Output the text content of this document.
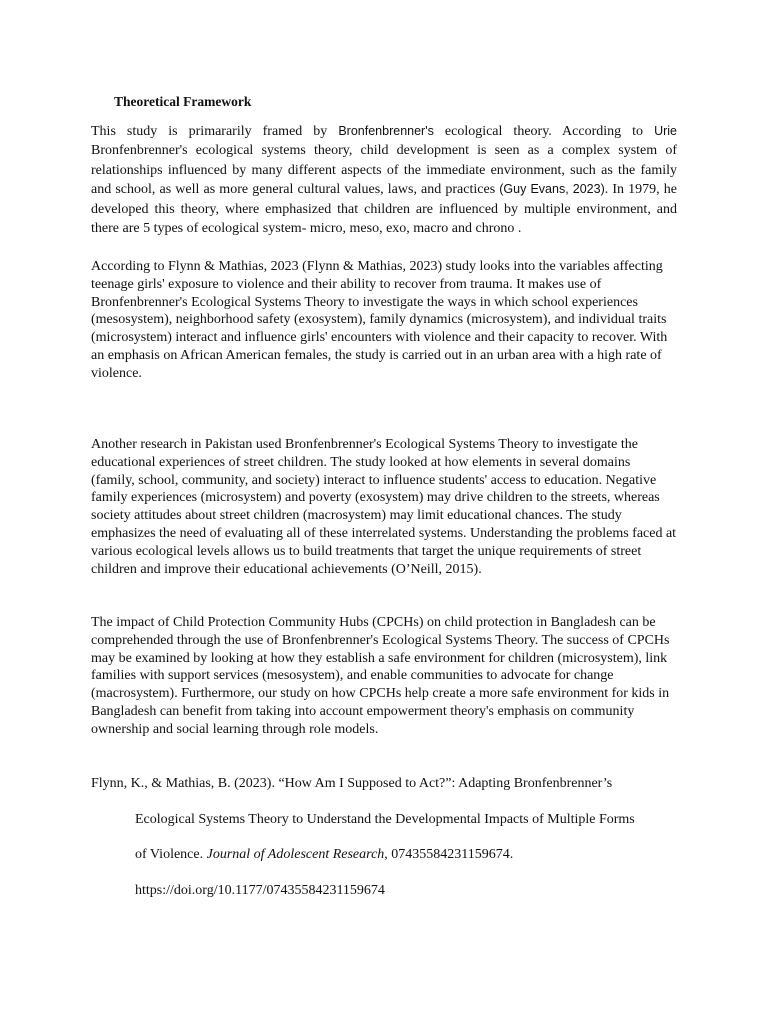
Theoretical Framework

This study is primararily framed by Bronfenbrenner's ecological theory. According to Urie Bronfenbrenner's ecological systems theory, child development is seen as a complex system of relationships influenced by many different aspects of the immediate environment, such as the family and school, as well as more general cultural values, laws, and practices (Guy Evans, 2023). In 1979, he developed this theory, where emphasized that children are influenced by multiple environment, and there are 5 types of ecological system- micro, meso, exo, macro and chrono .

According to Flynn & Mathias, 2023 (Flynn & Mathias, 2023) study looks into the variables affecting teenage girls' exposure to violence and their ability to recover from trauma. It makes use of Bronfenbrenner's Ecological Systems Theory to investigate the ways in which school experiences (mesosystem), neighborhood safety (exosystem), family dynamics (microsystem), and individual traits (microsystem) interact and influence girls' encounters with violence and their capacity to recover. With an emphasis on African American females, the study is carried out in an urban area with a high rate of violence.

Another research in Pakistan used Bronfenbrenner's Ecological Systems Theory to investigate the educational experiences of street children. The study looked at how elements in several domains (family, school, community, and society) interact to influence students' access to education. Negative family experiences (microsystem) and poverty (exosystem) may drive children to the streets, whereas society attitudes about street children (macrosystem) may limit educational chances. The study emphasizes the need of evaluating all of these interrelated systems. Understanding the problems faced at various ecological levels allows us to build treatments that target the unique requirements of street children and improve their educational achievements (O’Neill, 2015).

The impact of Child Protection Community Hubs (CPCHs) on child protection in Bangladesh can be comprehended through the use of Bronfenbrenner's Ecological Systems Theory. The success of CPCHs may be examined by looking at how they establish a safe environment for children (microsystem), link families with support services (mesosystem), and enable communities to advocate for change (macrosystem). Furthermore, our study on how CPCHs help create a more safe environment for kids in Bangladesh can benefit from taking into account empowerment theory's emphasis on community ownership and social learning through role models.

Flynn, K., & Mathias, B. (2023). “How Am I Supposed to Act?”: Adapting Bronfenbrenner’s
Ecological Systems Theory to Understand the Developmental Impacts of Multiple Forms
of Violence. Journal of Adolescent Research, 07435584231159674.
https://doi.org/10.1177/07435584231159674
